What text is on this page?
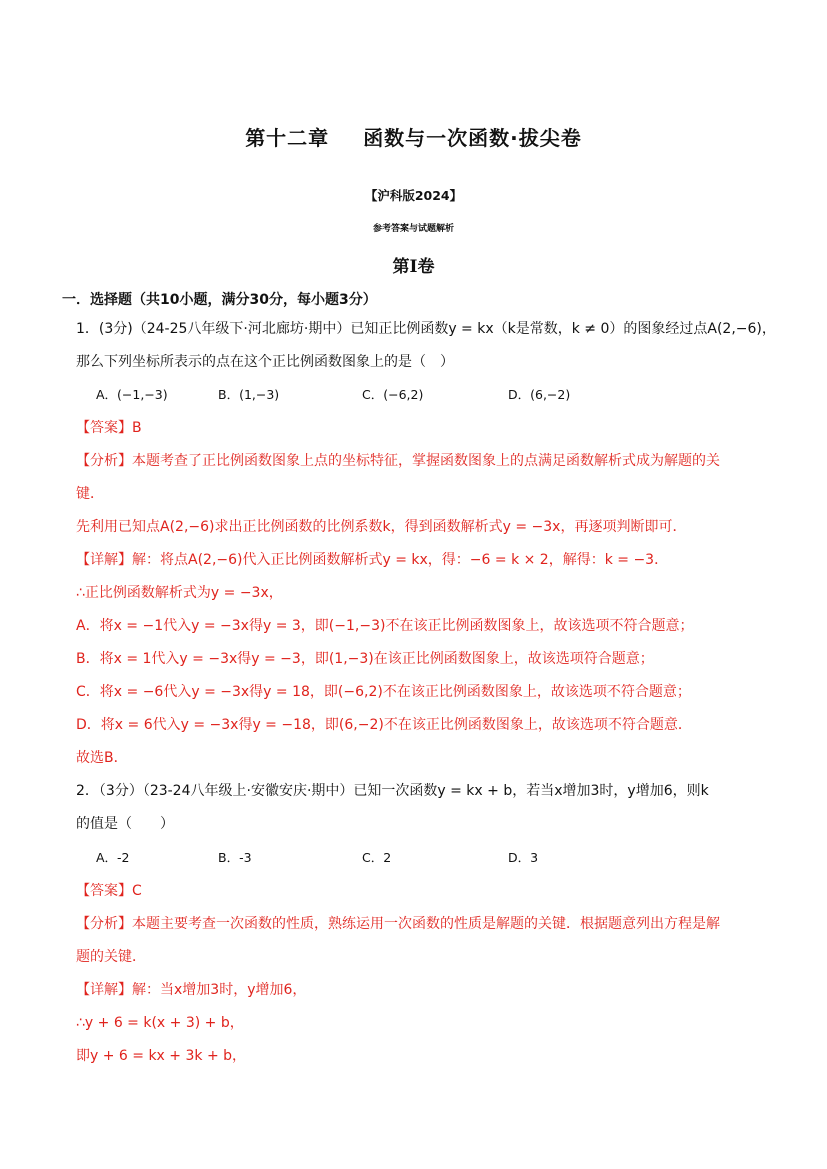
第十二章 函数与一次函数·拔尖卷
【沪科版2024】
参考答案与试题解析
第I卷
一．选择题（共10小题，满分30分，每小题3分）
1．(3分)（24-25八年级下·河北廊坊·期中）已知正比例函数y = kx（k是常数，k ≠ 0）的图象经过点A(2,−6)，
那么下列坐标所表示的点在这个正比例函数图象上的是（　）
A．(−1,−3)	B．(1,−3)	C．(−6,2)	D．(6,−2)
【答案】B
【分析】本题考查了正比例函数图象上点的坐标特征，掌握函数图象上的点满足函数解析式成为解题的关
键．
先利用已知点A(2,−6)求出正比例函数的比例系数k，得到函数解析式y = −3x，再逐项判断即可．
【详解】解：将点A(2,−6)代入正比例函数解析式y = kx，得：−6 = k × 2，解得：k = −3．
∴正比例函数解析式为y = −3x，
A．将x = −1代入y = −3x得y = 3，即(−1,−3)不在该正比例函数图象上，故该选项不符合题意；
B．将x = 1代入y = −3x得y = −3，即(1,−3)在该正比例函数图象上，故该选项符合题意；
C．将x = −6代入y = −3x得y = 18，即(−6,2)不在该正比例函数图象上，故该选项不符合题意；
D．将x = 6代入y = −3x得y = −18，即(6,−2)不在该正比例函数图象上，故该选项不符合题意．
故选B．
2．（3分）（23-24八年级上·安徽安庆·期中）已知一次函数y = kx + b，若当x增加3时，y增加6，则k
的值是（　　）
A．-2	B．-3	C．2	D．3
【答案】C
【分析】本题主要考查一次函数的性质，熟练运用一次函数的性质是解题的关键．根据题意列出方程是解
题的关键．
【详解】解：当x增加3时，y增加6，
∴y + 6 = k(x + 3) + b，
即y + 6 = kx + 3k + b，
